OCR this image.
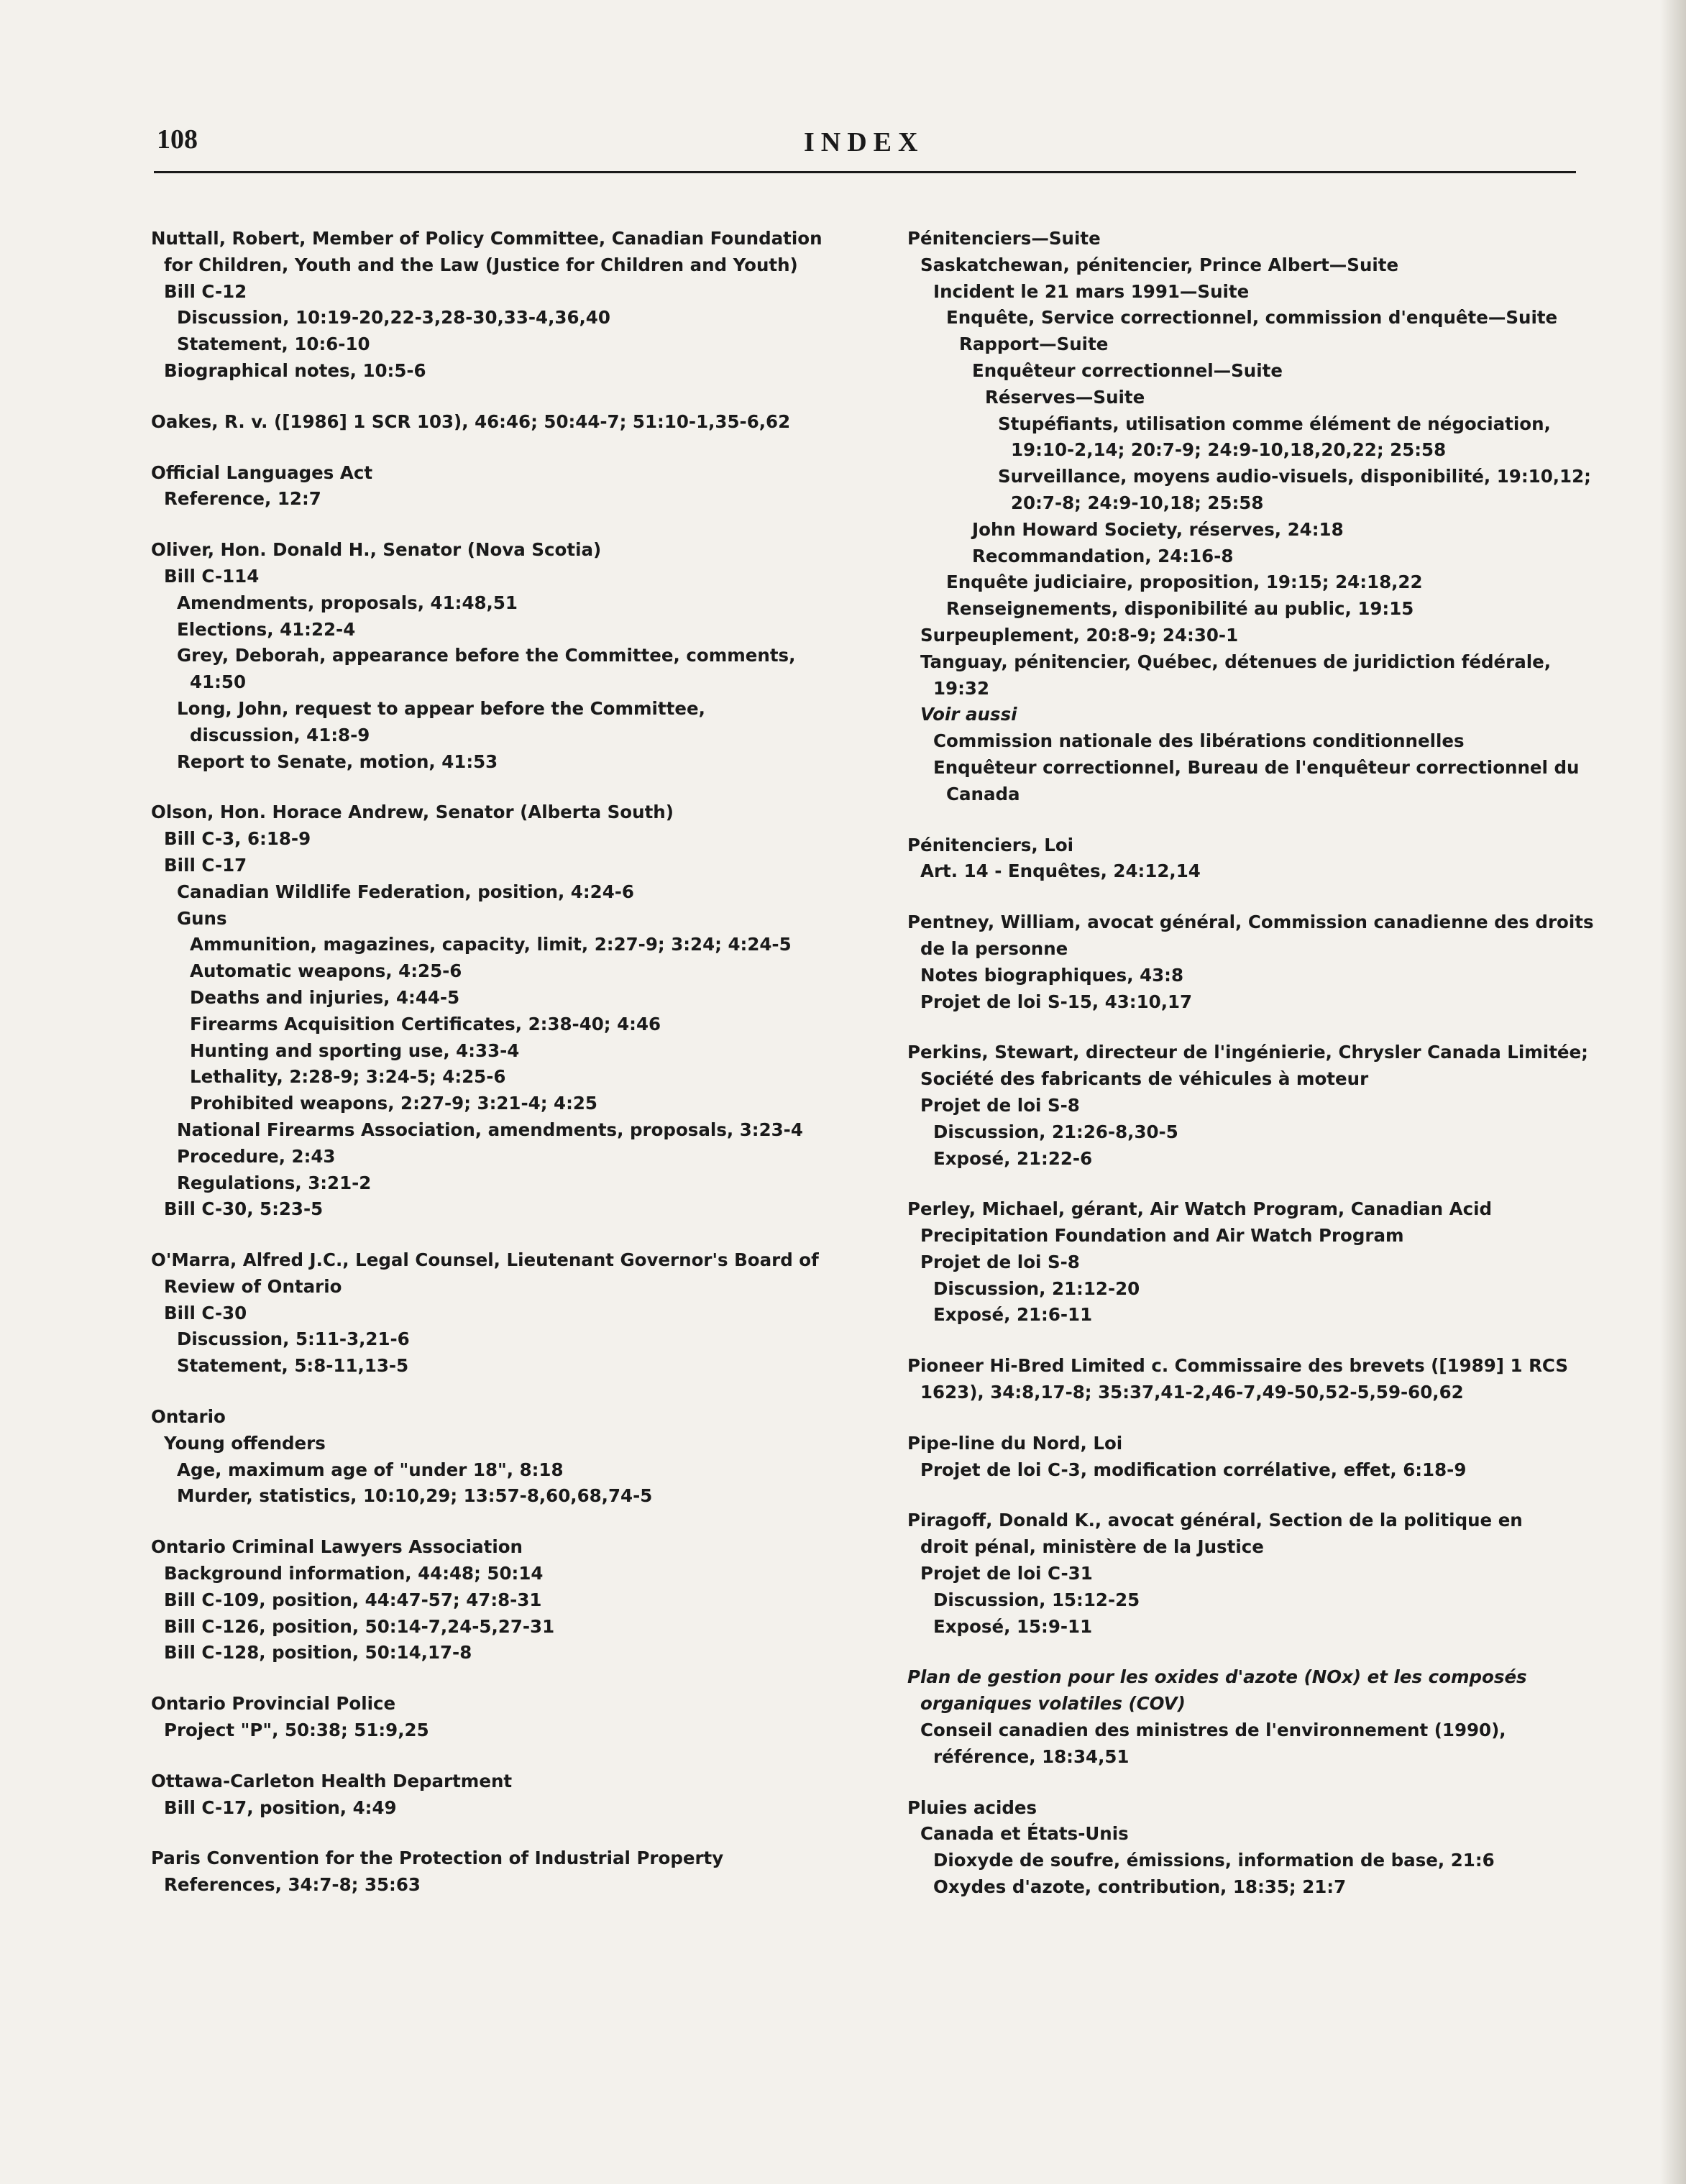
108	INDEX
Nuttall, Robert, Member of Policy Committee, Canadian Foundation
for Children, Youth and the Law (Justice for Children and Youth)
Bill C-12
Discussion, 10:19-20,22-3,28-30,33-4,36,40
Statement, 10:6-10
Biographical notes, 10:5-6
Oakes, R. v. ([1986] 1 SCR 103), 46:46; 50:44-7; 51:10-1,35-6,62
Official Languages Act
Reference, 12:7
Oliver, Hon. Donald H., Senator (Nova Scotia)
Bill C-114
Amendments, proposals, 41:48,51
Elections, 41:22-4
Grey, Deborah, appearance before the Committee, comments,
41:50
Long, John, request to appear before the Committee,
discussion, 41:8-9
Report to Senate, motion, 41:53
Olson, Hon. Horace Andrew, Senator (Alberta South)
Bill C-3, 6:18-9
Bill C-17
Canadian Wildlife Federation, position, 4:24-6
Guns
Ammunition, magazines, capacity, limit, 2:27-9; 3:24; 4:24-5
Automatic weapons, 4:25-6
Deaths and injuries, 4:44-5
Firearms Acquisition Certificates, 2:38-40; 4:46
Hunting and sporting use, 4:33-4
Lethality, 2:28-9; 3:24-5; 4:25-6
Prohibited weapons, 2:27-9; 3:21-4; 4:25
National Firearms Association, amendments, proposals, 3:23-4
Procedure, 2:43
Regulations, 3:21-2
Bill C-30, 5:23-5
O'Marra, Alfred J.C., Legal Counsel, Lieutenant Governor's Board of
Review of Ontario
Bill C-30
Discussion, 5:11-3,21-6
Statement, 5:8-11,13-5
Ontario
Young offenders
Age, maximum age of "under 18", 8:18
Murder, statistics, 10:10,29; 13:57-8,60,68,74-5
Ontario Criminal Lawyers Association
Background information, 44:48; 50:14
Bill C-109, position, 44:47-57; 47:8-31
Bill C-126, position, 50:14-7,24-5,27-31
Bill C-128, position, 50:14,17-8
Ontario Provincial Police
Project "P", 50:38; 51:9,25
Ottawa-Carleton Health Department
Bill C-17, position, 4:49
Paris Convention for the Protection of Industrial Property
References, 34:7-8; 35:63
Pénitenciers—Suite
Saskatchewan, pénitencier, Prince Albert—Suite
Incident le 21 mars 1991—Suite
Enquête, Service correctionnel, commission d'enquête—Suite
Rapport—Suite
Enquêteur correctionnel—Suite
Réserves—Suite
Stupéfiants, utilisation comme élément de négociation,
19:10-2,14; 20:7-9; 24:9-10,18,20,22; 25:58
Surveillance, moyens audio-visuels, disponibilité, 19:10,12;
20:7-8; 24:9-10,18; 25:58
John Howard Society, réserves, 24:18
Recommandation, 24:16-8
Enquête judiciaire, proposition, 19:15; 24:18,22
Renseignements, disponibilité au public, 19:15
Surpeuplement, 20:8-9; 24:30-1
Tanguay, pénitencier, Québec, détenues de juridiction fédérale,
19:32
Voir aussi
Commission nationale des libérations conditionnelles
Enquêteur correctionnel, Bureau de l'enquêteur correctionnel du
Canada
Pénitenciers, Loi
Art. 14 - Enquêtes, 24:12,14
Pentney, William, avocat général, Commission canadienne des droits
de la personne
Notes biographiques, 43:8
Projet de loi S-15, 43:10,17
Perkins, Stewart, directeur de l'ingénierie, Chrysler Canada Limitée;
Société des fabricants de véhicules à moteur
Projet de loi S-8
Discussion, 21:26-8,30-5
Exposé, 21:22-6
Perley, Michael, gérant, Air Watch Program, Canadian Acid
Precipitation Foundation and Air Watch Program
Projet de loi S-8
Discussion, 21:12-20
Exposé, 21:6-11
Pioneer Hi-Bred Limited c. Commissaire des brevets ([1989] 1 RCS
1623), 34:8,17-8; 35:37,41-2,46-7,49-50,52-5,59-60,62
Pipe-line du Nord, Loi
Projet de loi C-3, modification corrélative, effet, 6:18-9
Piragoff, Donald K., avocat général, Section de la politique en
droit pénal, ministère de la Justice
Projet de loi C-31
Discussion, 15:12-25
Exposé, 15:9-11
Plan de gestion pour les oxides d'azote (NOx) et les composés
organiques volatiles (COV)
Conseil canadien des ministres de l'environnement (1990),
référence, 18:34,51
Pluies acides
Canada et États-Unis
Dioxyde de soufre, émissions, information de base, 21:6
Oxydes d'azote, contribution, 18:35; 21:7
